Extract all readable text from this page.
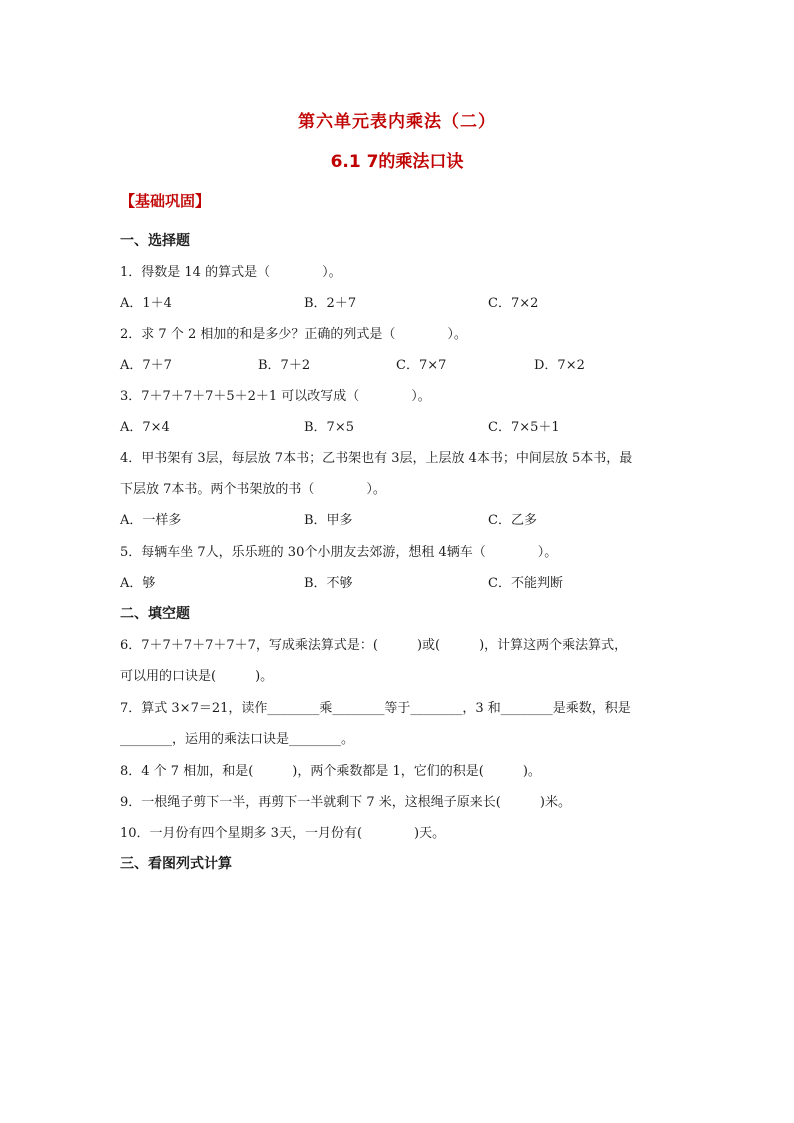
第六单元表内乘法（二）
6.1 7的乘法口诀
【基础巩固】
一、选择题
1．得数是 14 的算式是（　　　　）。
A．1＋4	B．2＋7	C．7×2
2．求 7 个 2 相加的和是多少？正确的列式是（　　　　）。
A．7＋7	B．7＋2	C．7×7	D．7×2
3．7＋7＋7＋7＋5＋2＋1 可以改写成（　　　　）。
A．7×4	B．7×5	C．7×5＋1
4．甲书架有 3层，每层放 7本书；乙书架也有 3层，上层放 4本书；中间层放 5本书，最
下层放 7本书。两个书架放的书（　　　　）。
A．一样多	B．甲多	C．乙多
5．每辆车坐 7人，乐乐班的 30个小朋友去郊游，想租 4辆车（　　　　）。
A．够	B．不够	C．不能判断
二、填空题
6．7＋7＋7＋7＋7＋7，写成乘法算式是：(　　　)或(　　　)，计算这两个乘法算式，
可以用的口诀是(　　　)。
7．算式 3×7＝21，读作________乘________等于________，3 和________是乘数，积是
________，运用的乘法口诀是________。
8．4 个 7 相加，和是(　　　)，两个乘数都是 1，它们的积是(　　　)。
9．一根绳子剪下一半，再剪下一半就剩下 7 米，这根绳子原来长(　　　)米。
10．一月份有四个星期多 3天，一月份有(　　　　)天。
三、看图列式计算
